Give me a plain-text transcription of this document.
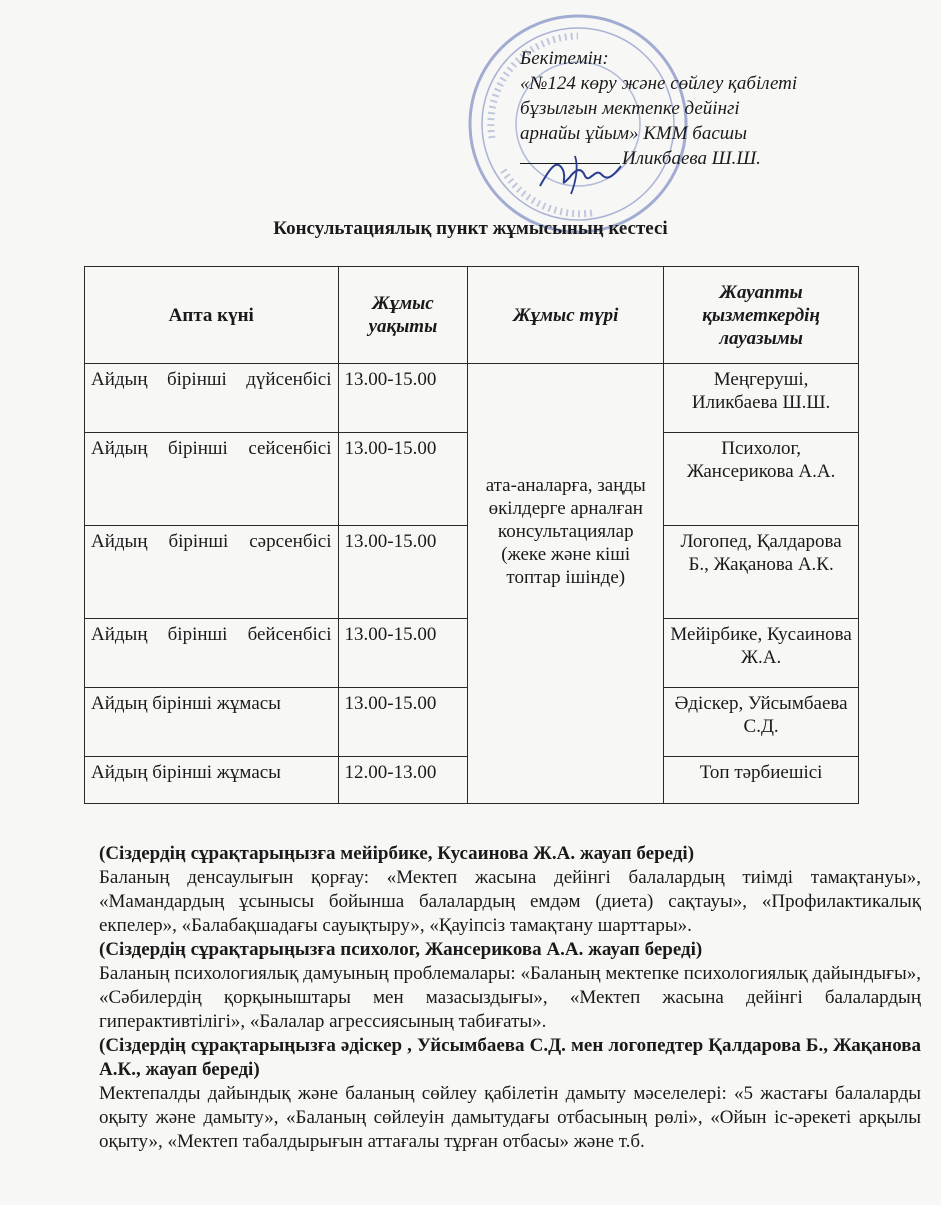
Бекітемін:
«№124 көру және сөйлеу қабілеті
бұзылғын мектепке дейінгі
арнайы ұйым» КММ басшы
Иликбаева Ш.Ш.
Консультациялық пункт жұмысының кестесі
Апта күні	Жұмыс уақыты	Жұмыс түрі	Жауапты қызметкердің лауазымы
Айдың бірінші дүйсенбісі	13.00-15.00	ата-аналарға, заңды өкілдерге арналған консультациялар (жеке және кіші топтар ішінде)	Меңгеруші, Иликбаева Ш.Ш.
Айдың бірінші сейсенбісі	13.00-15.00		Психолог, Жансерикова А.А.
Айдың бірінші сәрсенбісі	13.00-15.00		Логопед, Қалдарова Б., Жақанова А.К.
Айдың бірінші бейсенбісі	13.00-15.00		Мейірбике, Кусаинова Ж.А.
Айдың бірінші жұмасы	13.00-15.00		Әдіскер, Уйсымбаева С.Д.
Айдың бірінші жұмасы	12.00-13.00		Топ тәрбиешісі

(Сіздердің сұрақтарыңызға мейірбике, Кусаинова Ж.А. жауап береді)

Баланың денсаулығын қорғау: «Мектеп жасына дейінгі балалардың тиімді тамақтануы», «Мамандардың ұсынысы бойынша балалардың емдәм (диета) сақтауы», «Профилактикалық екпелер», «Балабақшадағы сауықтыру», «Қауіпсіз тамақтану шарттары».

(Сіздердің сұрақтарыңызға психолог, Жансерикова А.А. жауап береді)

Баланың психологиялық дамуының проблемалары: «Баланың мектепке психологиялық дайындығы», «Сәбилердің қорқыныштары мен мазасыздығы», «Мектеп жасына дейінгі балалардың гиперактивтілігі», «Балалар агрессиясының табиғаты».

(Сіздердің сұрақтарыңызға әдіскер , Уйсымбаева С.Д. мен логопедтер Қалдарова Б., Жақанова А.К., жауап береді)

Мектепалды дайындық және баланың сөйлеу қабілетін дамыту мәселелері: «5 жастағы балаларды оқыту және дамыту», «Баланың сөйлеуін дамытудағы отбасының рөлі», «Ойын іс-әрекеті арқылы оқыту», «Мектеп табалдырығын аттағалы тұрған отбасы» және т.б.
